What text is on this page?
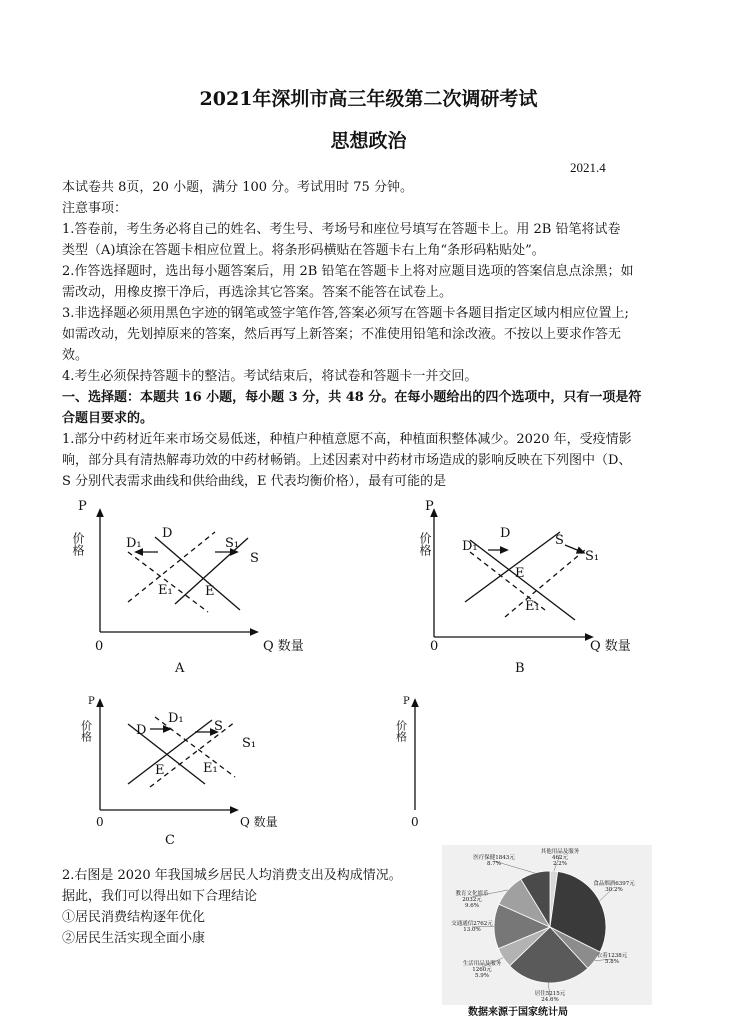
2021年深圳市高三年级第二次调研考试
思想政治
2021.4
本试卷共 8页，20 小题，满分 100 分。考试用时 75 分钟。
注意事项：
1.答卷前，考生务必将自己的姓名、考生号、考场号和座位号填写在答题卡上。用 2B 铅笔将试卷
类型（A)填涂在答题卡相应位置上。将条形码横贴在答题卡右上角“条形码粘贴处”。
2.作答选择题时，选出每小题答案后，用 2B 铅笔在答题卡上将对应题目选项的答案信息点涂黑；如
需改动，用橡皮擦干净后，再选涂其它答案。答案不能答在试卷上。
3.非选择题必须用黑色字迹的钢笔或签字笔作答,答案必须写在答题卡各题目指定区域内相应位置上;
如需改动，先划掉原来的答案，然后再写上新答案；不准使用铅笔和涂改液。不按以上要求作答无
效。
4.考生必须保持答题卡的整洁。考试结束后，将试卷和答题卡一并交回。
一、选择题：本题共 16 小题，每小题 3 分，共 48 分。在每小题给出的四个选项中，只有一项是符
合题目要求的。
1.部分中药材近年来市场交易低迷，种植户种植意愿不高，种植面积整体减少。2020 年，受疫情影
响，部分具有清热解毒功效的中药材畅销。上述因素对中药材市场造成的影响反映在下列图中（D、
S 分别代表需求曲线和供给曲线，E 代表均衡价格），最有可能的是
P
价格
0	Q 数量
A
D
D₁	S₁
S
E₁ E
P
价格
0	Q 数量
B
D
D₁	S
S₁
E
E₁
P
价格
0	Q 数量
C
D
D₁
S
S₁
E	E₁
P
价格
0
2.右图是 2020 年我国城乡居民人均消费支出及构成情况。
据此，我们可以得出如下合理结论
①居民消费结构逐年优化
②居民生活实现全面小康
其他用品及服务
462元
2.2%
食品烟酒6397元
30.2%
衣着1238元
5.8%
居住5215元
24.6%
生活用品及服务
1260元
5.9%
交通通信2762元
13.0%
教育文化娱乐
2032元
9.6%
医疗保健1843元
8.7%
数据来源于国家统计局
